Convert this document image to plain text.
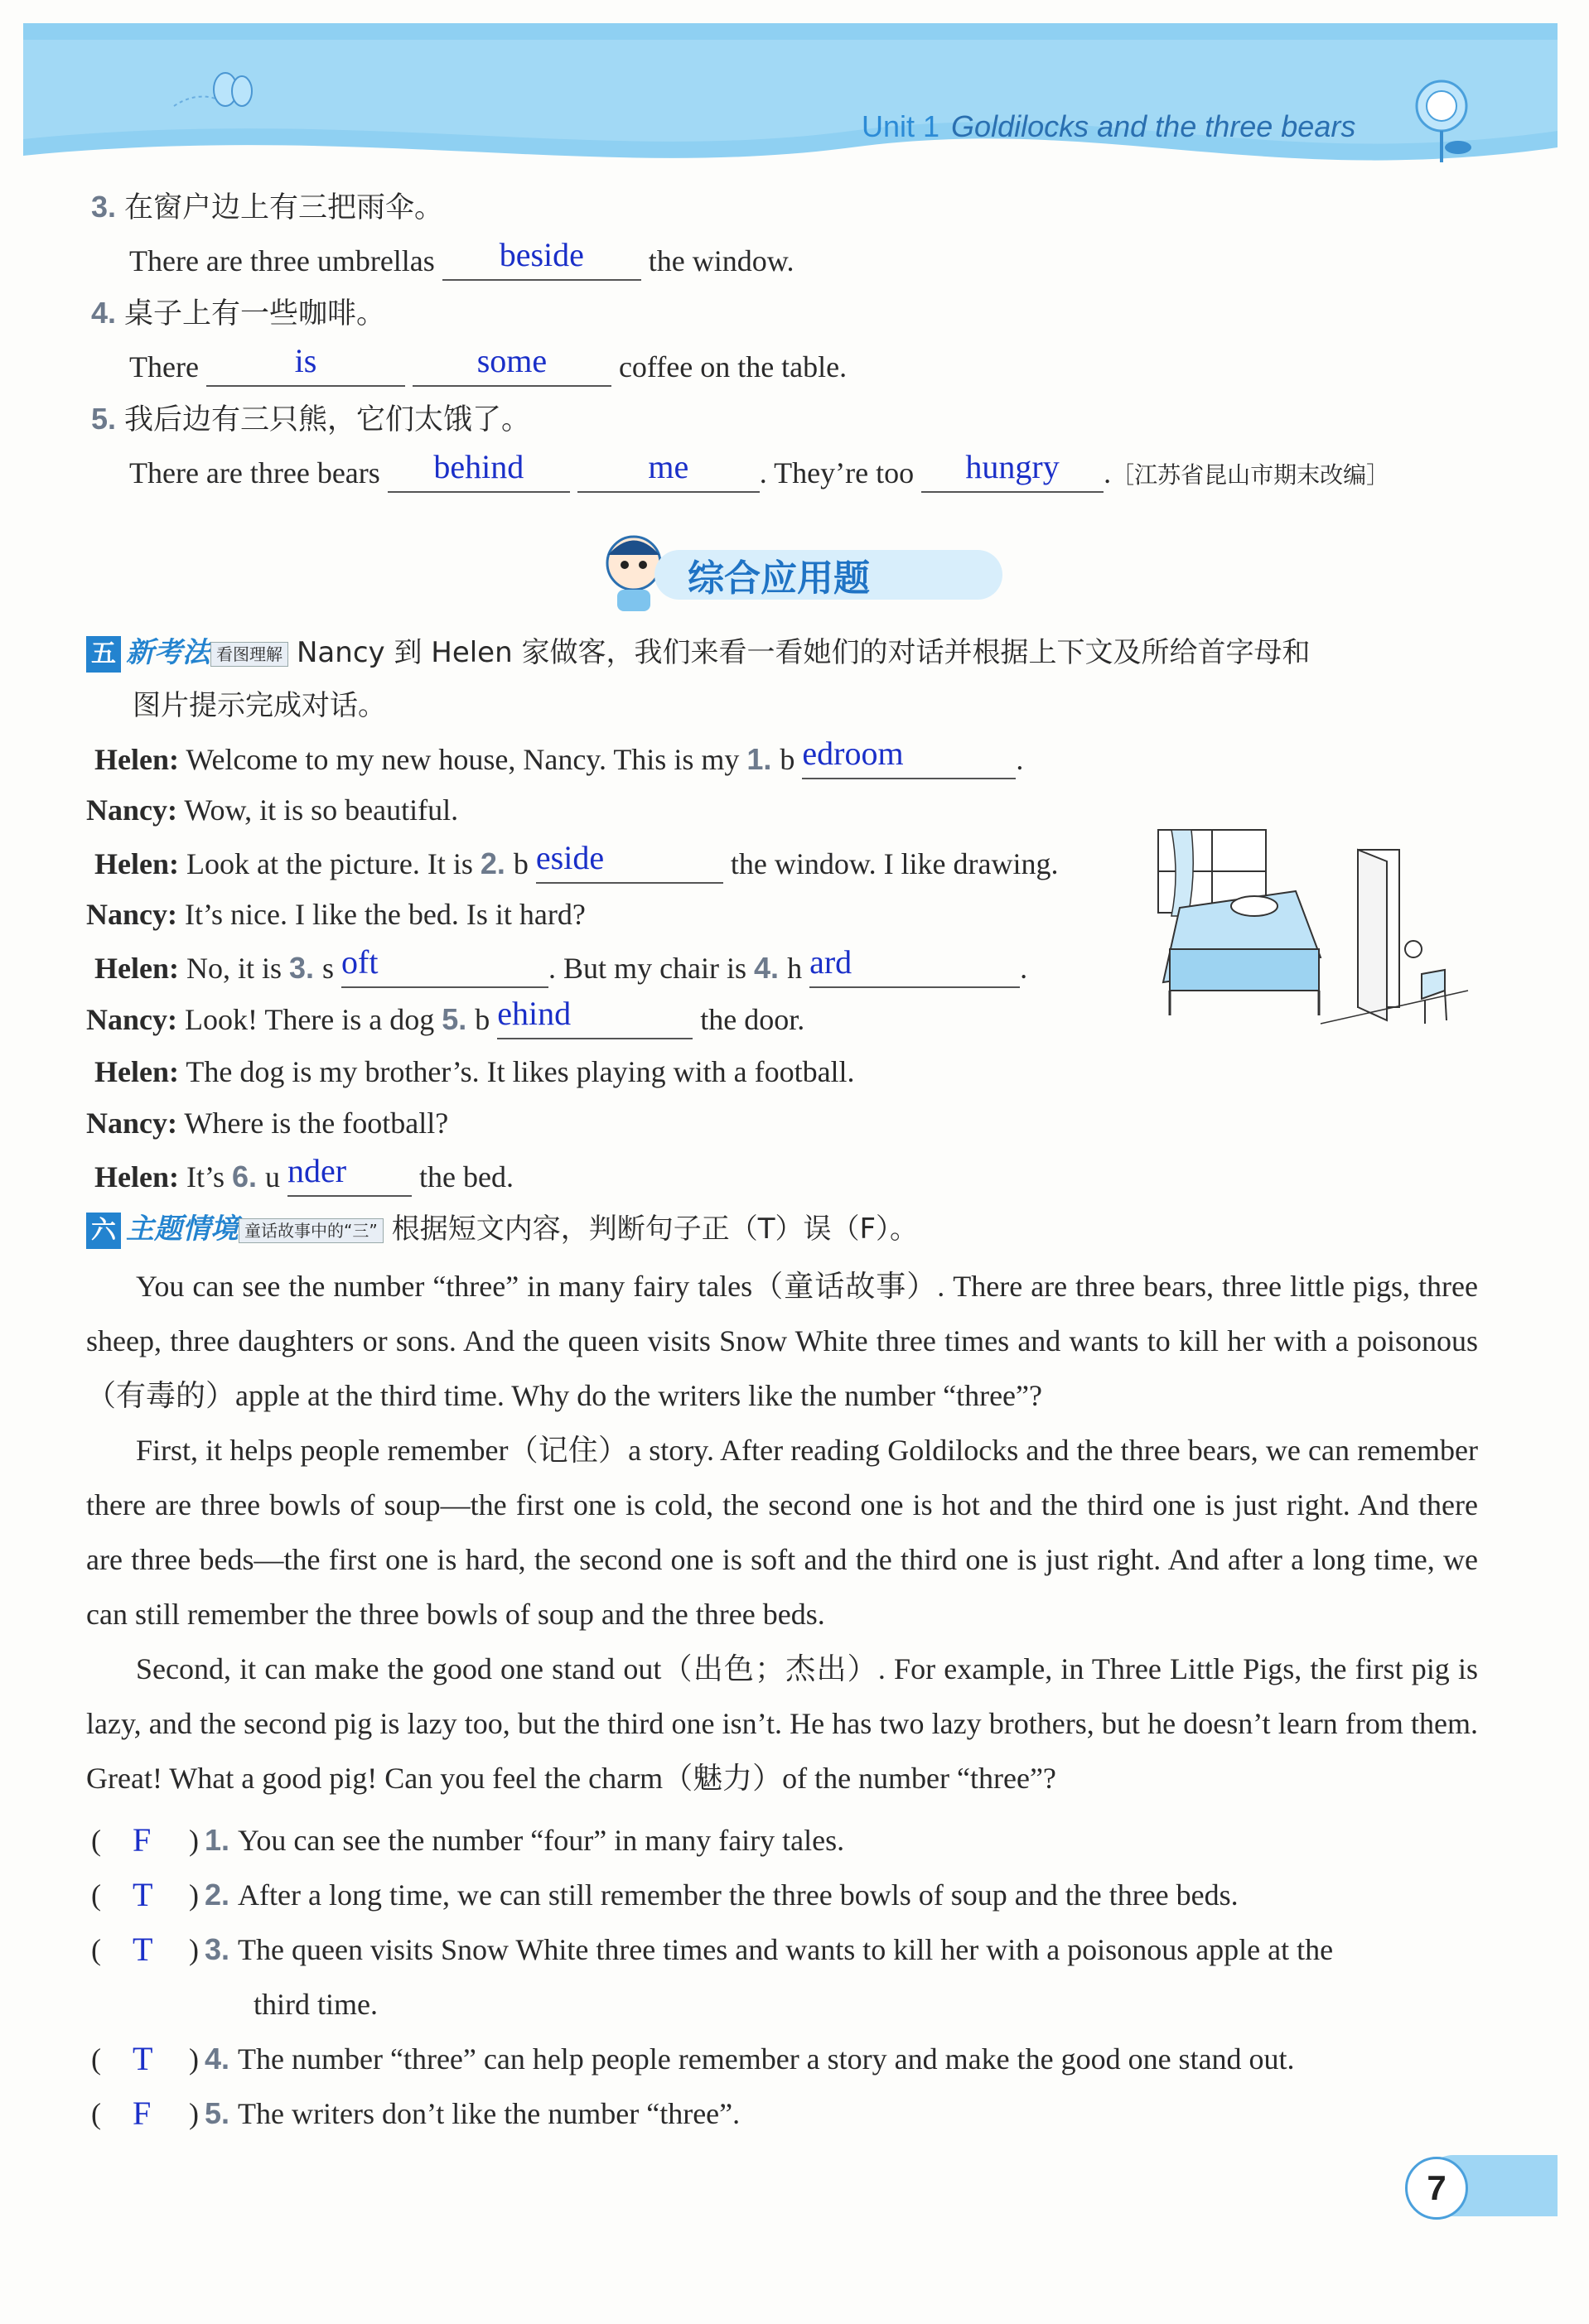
Unit 1 Goldilocks and the three bears
3. 在窗户边上有三把雨伞。
There are three umbrellas beside the window.
4. 桌子上有一些咖啡。
There	is	some coffee on the table.
5. 我后边有三只熊，它们太饿了。
There are three bears behind	me . They’re too hungry .［江苏省昆山市期末改编］
综合应用题
五 新考法 看图理解 Nancy 到 Helen 家做客，我们来看一看她们的对话并根据上下文及所给首字母和
图片提示完成对话。
Helen: Welcome to my new house, Nancy. This is my 1. b edroom	.
Nancy: Wow, it is so beautiful.
Helen: Look at the picture. It is 2. b eside	the window. I like drawing.
Nancy: It’s nice. I like the bed. Is it hard?
Helen: No, it is 3. s oft	. But my chair is 4. h ard	.
Nancy: Look! There is a dog 5. b ehind	the door.
Helen: The dog is my brother’s. It likes playing with a football.
Nancy: Where is the football?
Helen: It’s 6. u nder the bed.
六 主题情境 童话故事中的“三” 根据短文内容，判断句子正（T）误（F）。

You can see the number “three” in many fairy tales（童话故事）. There are three bears, three little pigs, three sheep, three daughters or sons. And the queen visits Snow White three times and wants to kill her with a poisonous（有毒的）apple at the third time. Why do the writers like the number “three”?

First, it helps people remember（记住）a story. After reading Goldilocks and the three bears, we can remember there are three bowls of soup—the first one is cold, the second one is hot and the third one is just right. And there are three beds—the first one is hard, the second one is soft and the third one is just right. And after a long time, we can still remember the three bowls of soup and the three beds.

Second, it can make the good one stand out（出色；杰出）. For example, in Three Little Pigs, the first pig is lazy, and the second pig is lazy too, but the third one isn’t. He has two lazy brothers, but he doesn’t learn from them. Great! What a good pig! Can you feel the charm（魅力）of the number “three”?

( F ) 1. You can see the number “four” in many fairy tales.
( T ) 2. After a long time, we can still remember the three bowls of soup and the three beds.
( T ) 3. The queen visits Snow White three times and wants to kill her with a poisonous apple at the
third time.
( T ) 4. The number “three” can help people remember a story and make the good one stand out.
( F ) 5. The writers don’t like the number “three”.
7
